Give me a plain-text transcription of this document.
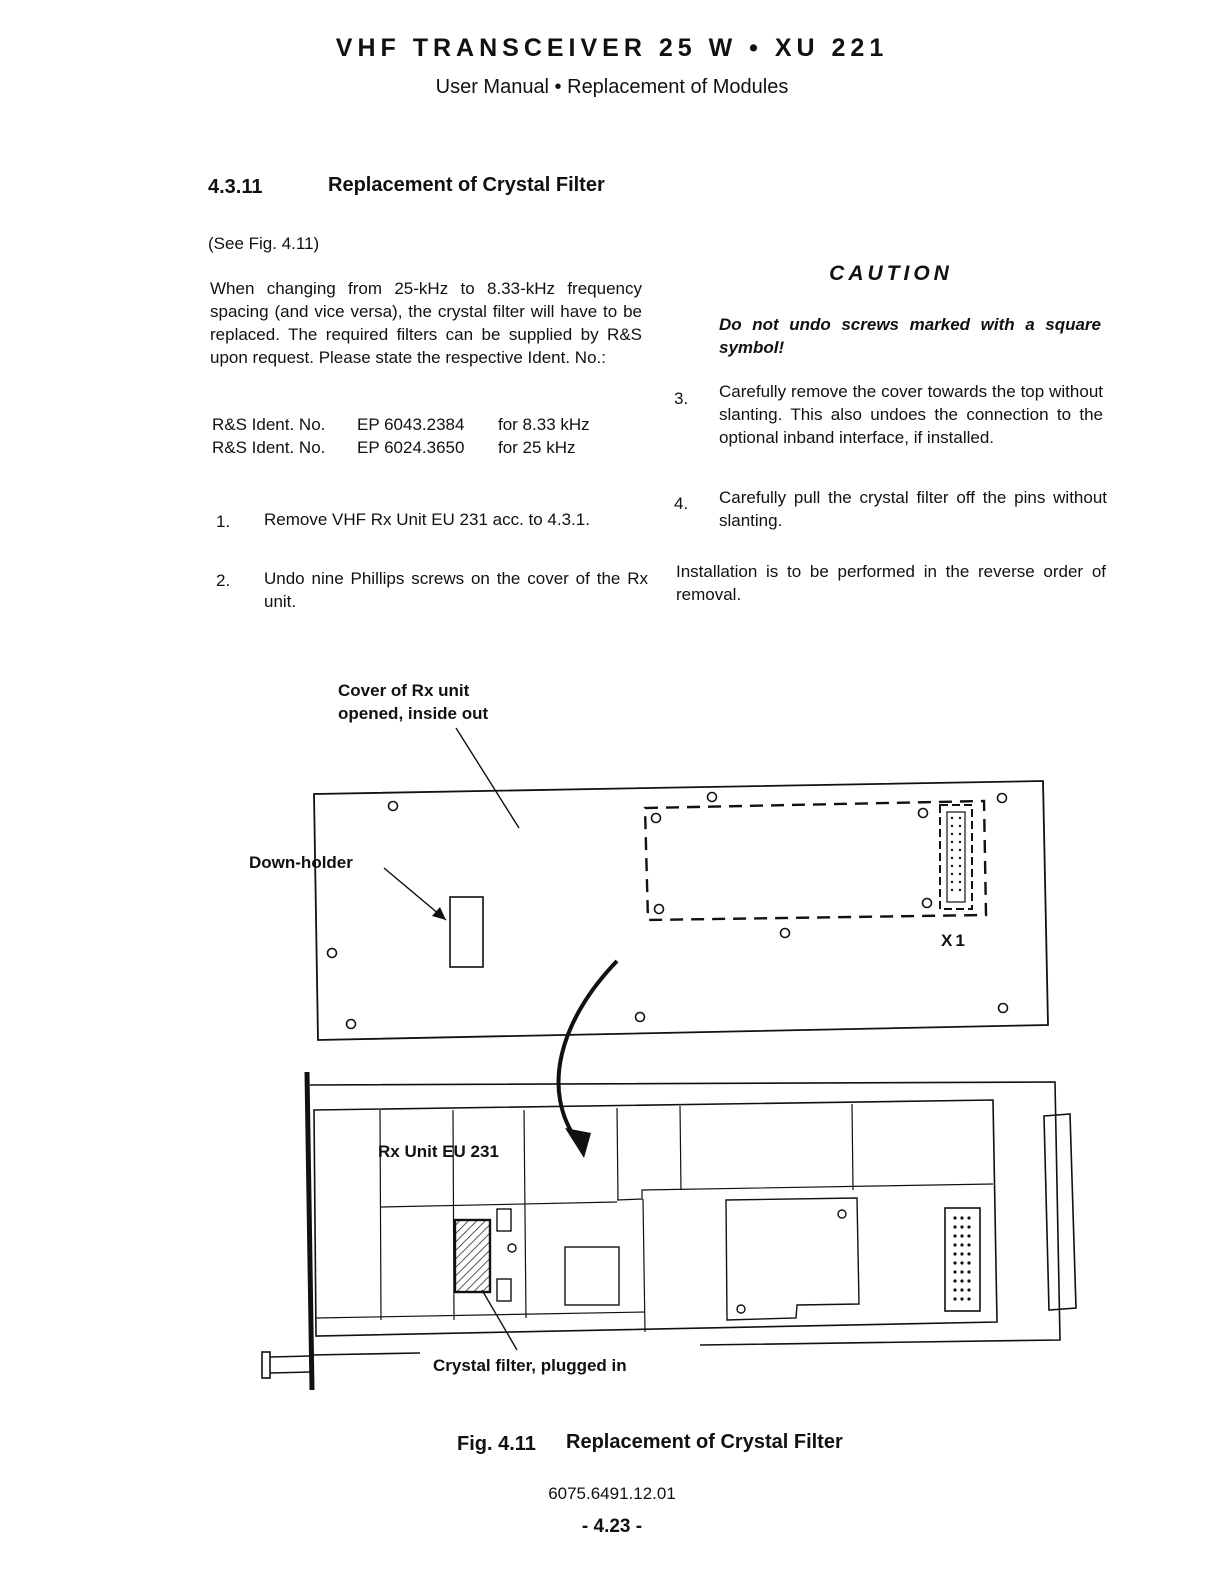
VHF TRANSCEIVER 25 W • XU 221
User Manual • Replacement of Modules
4.3.11	Replacement of Crystal Filter
(See Fig. 4.11)
When changing from 25-kHz to 8.33-kHz frequency spacing (and vice versa), the crystal filter will have to be replaced. The required filters can be supplied by R&S upon request. Please state the respective Ident. No.:
R&S Ident. No. EP 6043.2384 for 8.33 kHz
R&S Ident. No. EP 6024.3650 for 25 kHz
1. Remove VHF Rx Unit EU 231 acc. to 4.3.1.
2. Undo nine Phillips screws on the cover of the Rx unit.
CAUTION
Do not undo screws marked with a square symbol!
3. Carefully remove the cover towards the top without slanting. This also undoes the connection to the optional inband interface, if installed.
4. Carefully pull the crystal filter off the pins without slanting.
Installation is to be performed in the reverse order of removal.
Cover of Rx unit
opened, inside out
Down-holder
X1
Rx Unit EU 231
Crystal filter, plugged in
Fig. 4.11 Replacement of Crystal Filter
6075.6491.12.01
- 4.23 -
